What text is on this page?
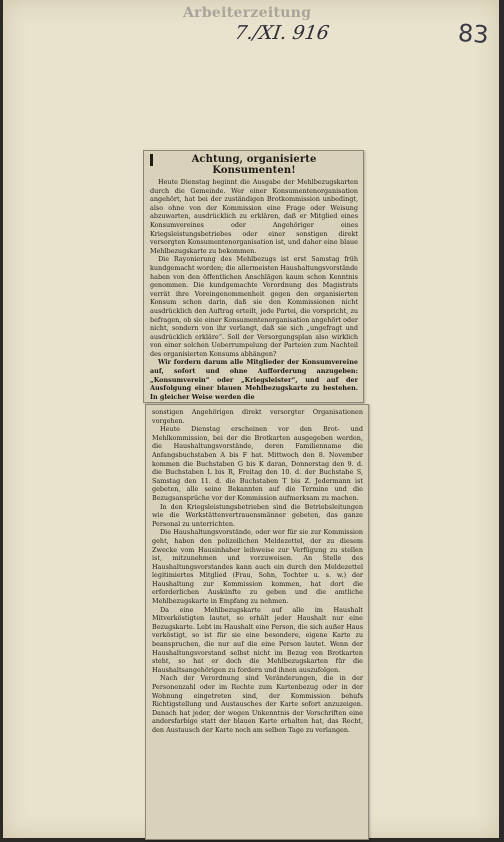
Arbeiterzeitung
7./XI. 916	83
Achtung, organisierte Konsumenten!

Heute Dienstag beginnt die Ausgabe der Mehlbezugskarten durch die Gemeinde. Wer einer Konsumentenorganisation angehört, hat bei der zuständigen Brotkommission unbedingt, also ohne von der Kommission eine Frage oder Weisung abzuwarten, ausdrücklich zu erklären, daß er Mitglied eines Konsumvereines oder Angehöriger eines Kriegsleistungsbetriebes oder einer sonstigen direkt versorgten Konsumentenorganisation ist, und daher eine blaue Mehlbezugskarte zu bekommen.

Die Rayonierung des Mehlbezugs ist erst Samstag früh kundgemacht worden; die allermeisten Haushaltungsvorstände haben von den öffentlichen Anschlägen kaum schon Kenntnis genommen. Die kundgemachte Verordnung des Magistrats verrät ihre Voreingenommenheit gegen den organisierten Konsum schon darin, daß sie den Kommissionen nicht ausdrücklich den Auftrag erteilt, jede Partei, die vorspricht, zu befragen, ob sie einer Konsumentenorganisation angehört oder nicht, sondern von ihr verlangt, daß sie sich „ungefragt und ausdrücklich erkläre“. Soll der Versorgungsplan also wirklich von einer solchen Ueberrumpelung der Parteien zum Nachteil des organisierten Konsums abhängen?

Wir fordern darum alle Mitglieder der Konsumvereine auf, sofort und ohne Aufforderung anzugeben: „Konsumverein“ oder „Kriegsleister“, und auf der Ausfolgung einer blauen Mehlbezugskarte zu bestehen. In gleicher Weise werden die

sonstigen Angehörigen direkt versorgter Organisationen vorgehen.

Heute Dienstag erscheinen vor den Brot- und Mehlkommission, bei der die Brotkarten ausgegeben werden, die Haushaltungsvorstände, deren Familienname die Anfangsbuchstaben A bis F hat. Mittwoch den 8. November kommen die Buchstaben G bis K daran, Donnerstag den 9. d. die Buchstaben L bis R, Freitag den 10. d. der Buchstabe S, Samstag den 11. d. die Buchstaben T bis Z. Jedermann ist gebeten, alle seine Bekannten auf die Termine und die Bezugsansprüche vor der Kommission aufmerksam zu machen.

In den Kriegsleistungsbetrieben sind die Betriebsleitungen wie die Werkstättenvertrauensmänner gebeten, das ganze Personal zu unterrichten.

Die Haushaltungsvorstände, oder wer für sie zur Kommission geht, haben den polizeilichen Meldezettel, der zu diesem Zwecke vom Hausinhaber leihweise zur Verfügung zu stellen ist, mitzunehmen und vorzuweisen. An Stelle des Haushaltungsvorstandes kann auch ein durch den Meldezettel legitimiertes Mitglied (Frau, Sohn, Tochter u. s. w.) der Haushaltung zur Kommission kommen, hat dort die erforderlichen Auskünfte zu geben und die amtliche Mehlbezugskarte in Empfang zu nehmen.

Da eine Mehlbezugskarte auf alle im Haushalt Mitverköstigten lautet, so erhält jeder Haushalt nur eine Bezugskarte. Lebt im Haushalt eine Person, die sich außer Haus verköstigt, so ist für sie eine besondere, eigene Karte zu beanspruchen, die nur auf die eine Person lautet. Wenn der Haushaltungsvorstand selbst nicht im Bezug von Brotkarten steht, so hat er doch die Mehlbezugskarten für die Haushaltsangehörigen zu fordern und ihnen auszufolgen.

Nach der Verordnung sind Veränderungen, die in der Personenzahl oder im Rechte zum Kartenbezug oder in der Wohnung eingetreten sind, der Kommission behufs Richtigstellung und Austausches der Karte sofort anzuzeigen. Danach hat jeder, der wegen Unkenntnis der Vorschriften eine andersfarbige statt der blauen Karte erhalten hat, das Recht, den Austausch der Karte noch am selben Tage zu verlangen.
